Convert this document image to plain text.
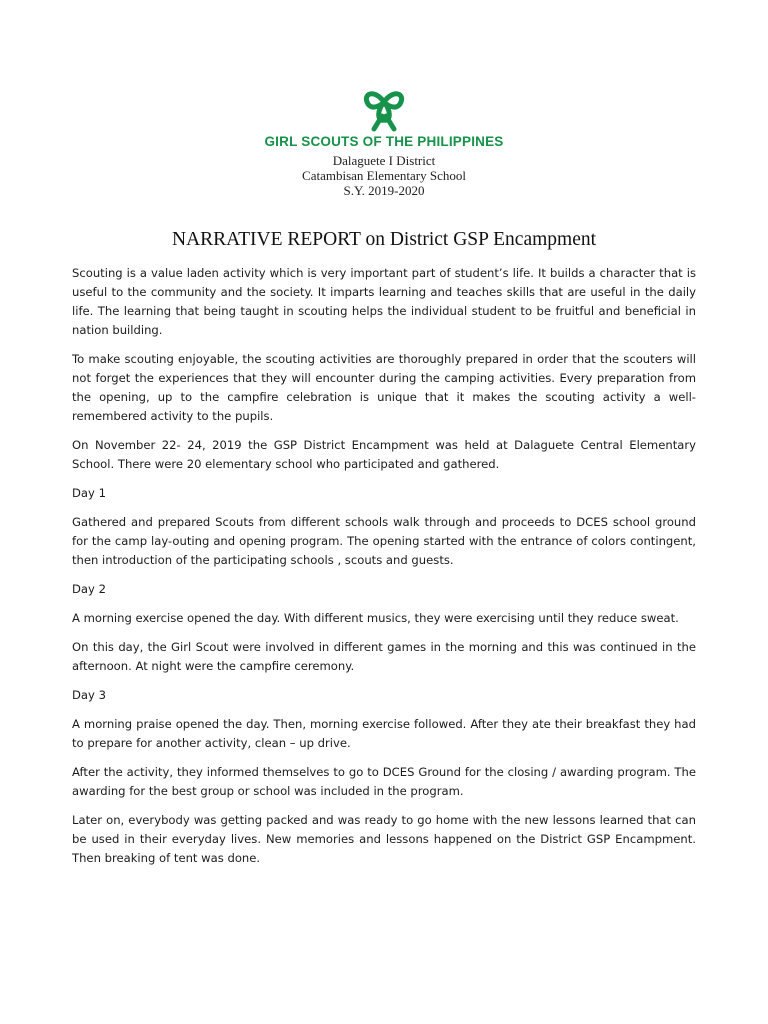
GIRL SCOUTS OF THE PHILIPPINES
Dalaguete I District
Catambisan Elementary School
S.Y. 2019-2020
NARRATIVE REPORT on District GSP Encampment

Scouting is a value laden activity which is very important part of student’s life. It builds a character that is useful to the community and the society. It imparts learning and teaches skills that are useful in the daily life. The learning that being taught in scouting helps the individual student to be fruitful and beneficial in nation building.

To make scouting enjoyable, the scouting activities are thoroughly prepared in order that the scouters will not forget the experiences that they will encounter during the camping activities. Every preparation from the opening, up to the campfire celebration is unique that it makes the scouting activity a well- remembered activity to the pupils.

On November 22- 24, 2019 the GSP District Encampment was held at Dalaguete Central Elementary School. There were 20 elementary school who participated and gathered.

Day 1

Gathered and prepared Scouts from different schools walk through and proceeds to DCES school ground for the camp lay-outing and opening program. The opening started with the entrance of colors contingent, then introduction of the participating schools , scouts and guests.

Day 2

A morning exercise opened the day. With different musics, they were exercising until they reduce sweat.

On this day, the Girl Scout were involved in different games in the morning and this was continued in the afternoon. At night were the campfire ceremony.

Day 3

A morning praise opened the day. Then, morning exercise followed. After they ate their breakfast they had to prepare for another activity, clean – up drive.

After the activity, they informed themselves to go to DCES Ground for the closing / awarding program. The awarding for the best group or school was included in the program.

Later on, everybody was getting packed and was ready to go home with the new lessons learned that can be used in their everyday lives. New memories and lessons happened on the District GSP Encampment. Then breaking of tent was done.
